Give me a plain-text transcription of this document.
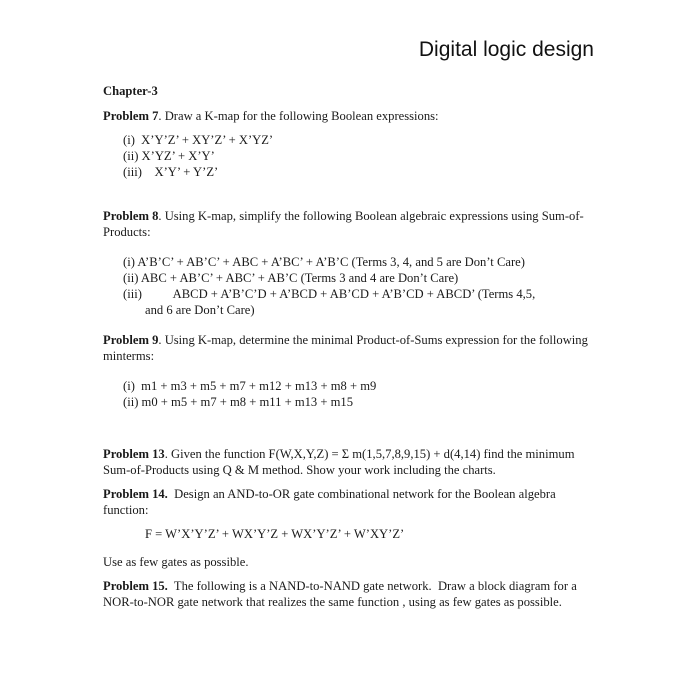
Digital logic design
Chapter-3

Problem 7. Draw a K-map for the following Boolean expressions:

(i)  X’Y’Z’ + XY’Z’ + X’YZ’
(ii) X’YZ’ + X’Y’
(iii)    X’Y’ + Y’Z’

Problem 8. Using K-map, simplify the following Boolean algebraic expressions using Sum-of-Products:

(i) A’B’C’ + AB’C’ + ABC + A’BC’ + A’B’C (Terms 3, 4, and 5 are Don’t Care)
(ii) ABC + AB’C’ + ABC’ + AB’C (Terms 3 and 4 are Don’t Care)
(iii)          ABCD + A’B’C’D + A’BCD + AB’CD + A’B’CD + ABCD’ (Terms 4,5,
and 6 are Don’t Care)

Problem 9. Using K-map, determine the minimal Product-of-Sums expression for the following minterms:

(i)  m1 + m3 + m5 + m7 + m12 + m13 + m8 + m9
(ii) m0 + m5 + m7 + m8 + m11 + m13 + m15

Problem 13. Given the function F(W,X,Y,Z) = Σ m(1,5,7,8,9,15) + d(4,14) find the minimum Sum-of-Products using Q & M method. Show your work including the charts.

Problem 14.  Design an AND-to-OR gate combinational network for the Boolean algebra function:

F = W’X’Y’Z’ + WX’Y’Z + WX’Y’Z’ + W’XY’Z’

Use as few gates as possible.

Problem 15.  The following is a NAND-to-NAND gate network.  Draw a block diagram for a NOR-to-NOR gate network that realizes the same function , using as few gates as possible.
